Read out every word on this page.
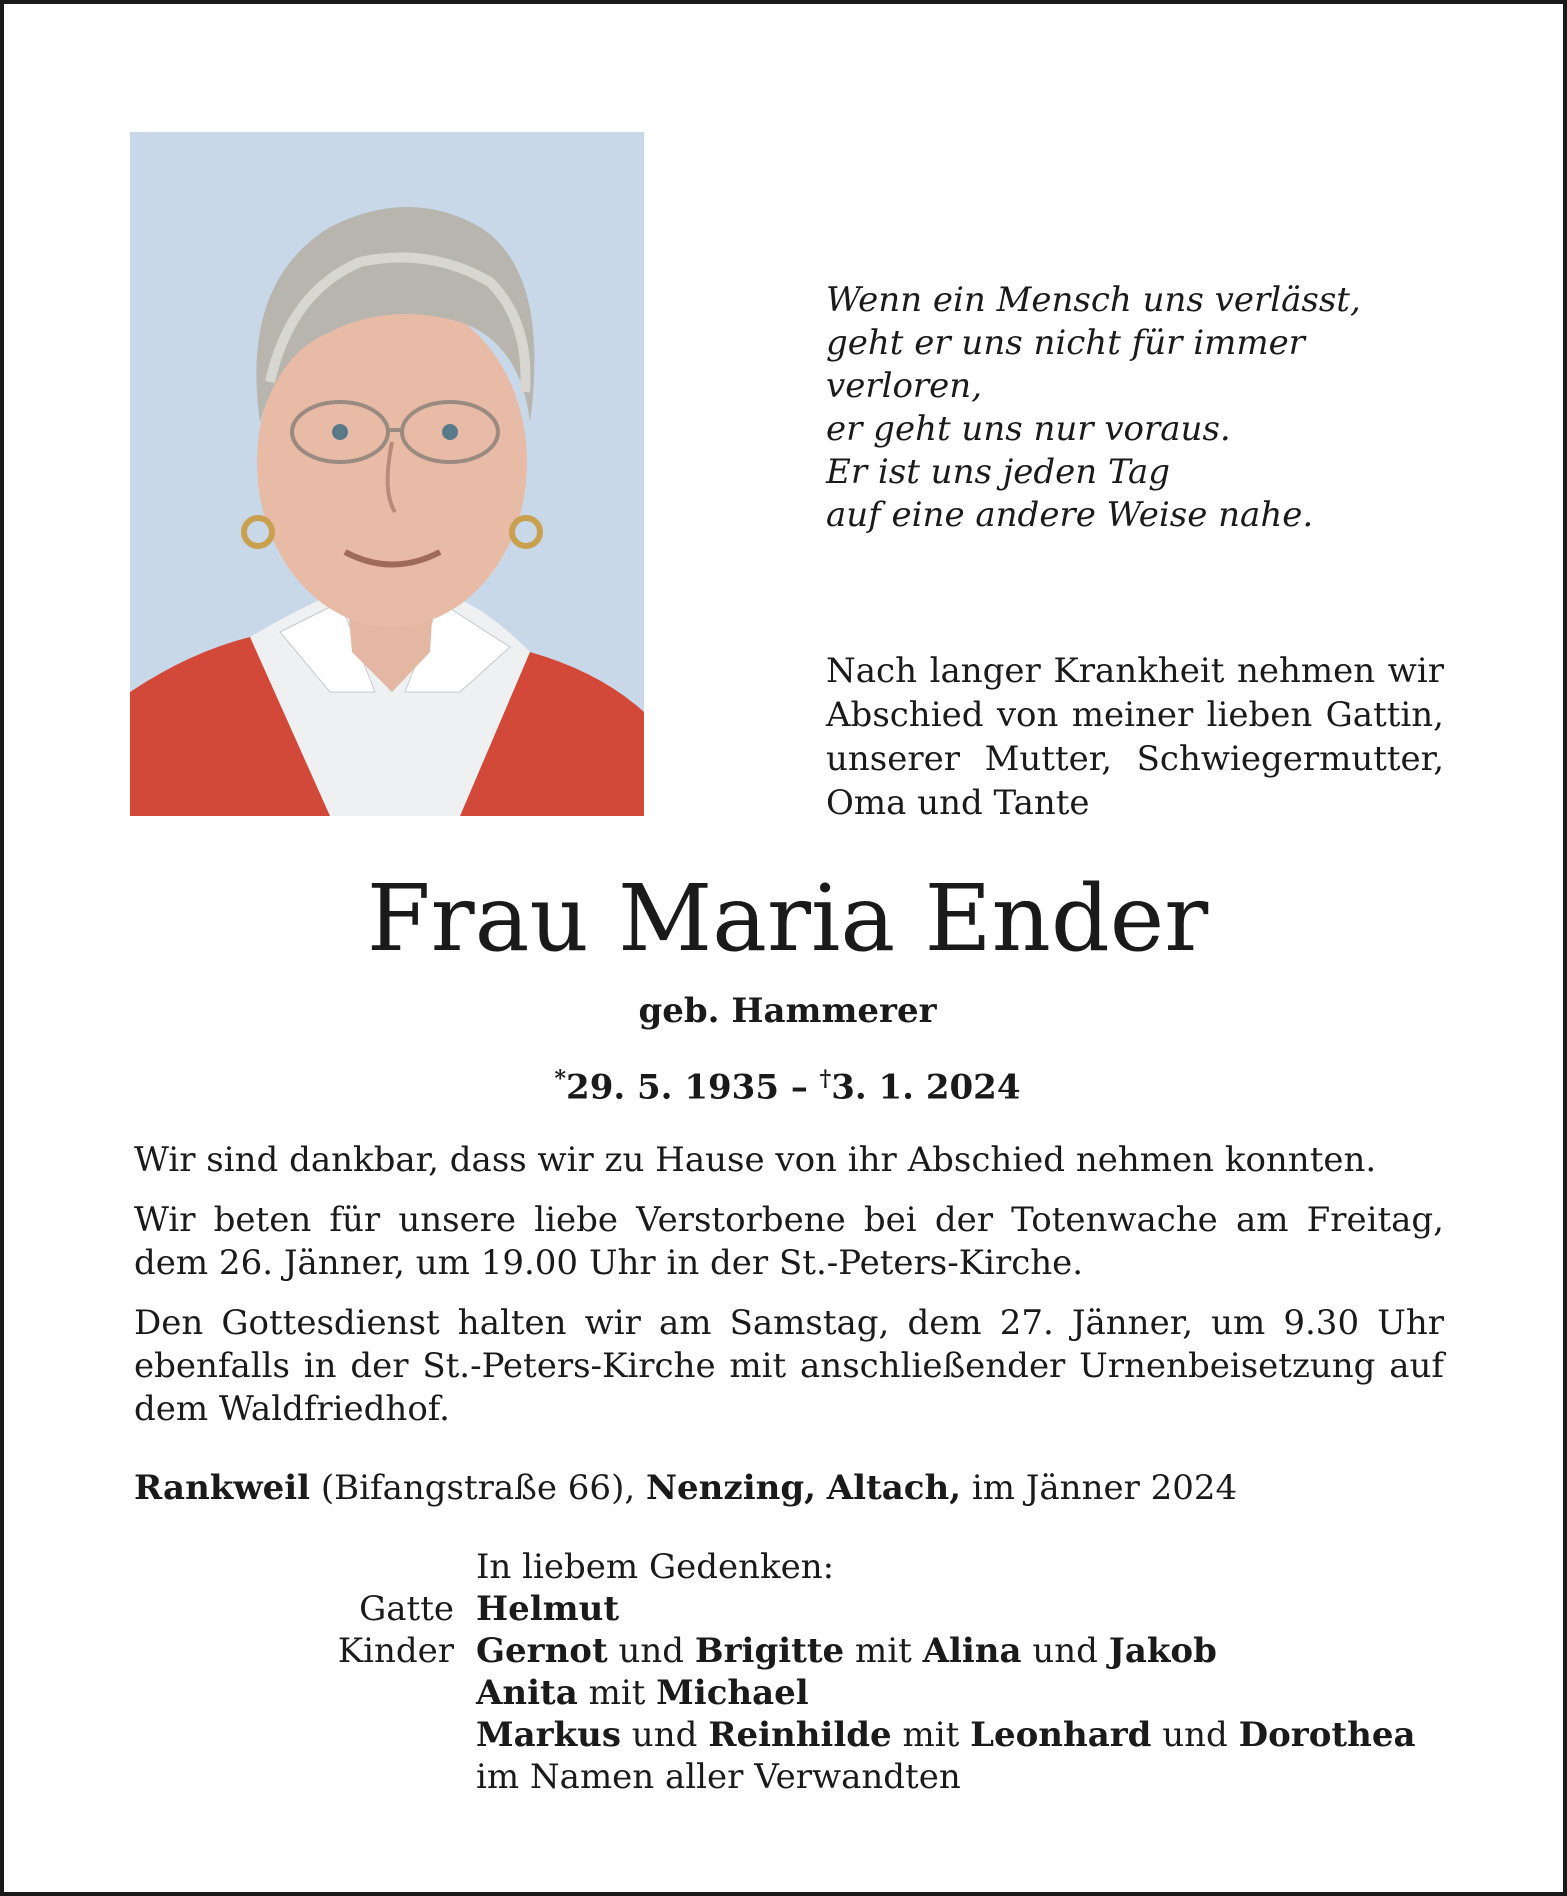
Wenn ein Mensch uns verlässt,
geht er uns nicht für immer verloren,
er geht uns nur voraus.
Er ist uns jeden Tag
auf eine andere Weise nahe.
Nach langer Krankheit nehmen wir
Abschied von meiner lieben Gattin,
unserer Mutter, Schwiegermutter,
Oma und Tante
Frau Maria Ender
geb. Hammerer
*29. 5. 1935 – †3. 1. 2024

Wir sind dankbar, dass wir zu Hause von ihr Abschied nehmen konnten.

Wir beten für unsere liebe Verstorbene bei der Totenwache am Freitag, dem 26. Jänner, um 19.00 Uhr in der St.-Peters-Kirche.

Den Gottesdienst halten wir am Samstag, dem 27. Jänner, um 9.30 Uhr ebenfalls in der St.-Peters-Kirche mit anschließender Urnenbeisetzung auf dem Waldfriedhof.

Rankweil (Bifangstraße 66), Nenzing, Altach, im Jänner 2024
In liebem Gedenken:
Gatte Helmut
Kinder Gernot und Brigitte mit Alina und Jakob
Anita mit Michael
Markus und Reinhilde mit Leonhard und Dorothea
im Namen aller Verwandten
